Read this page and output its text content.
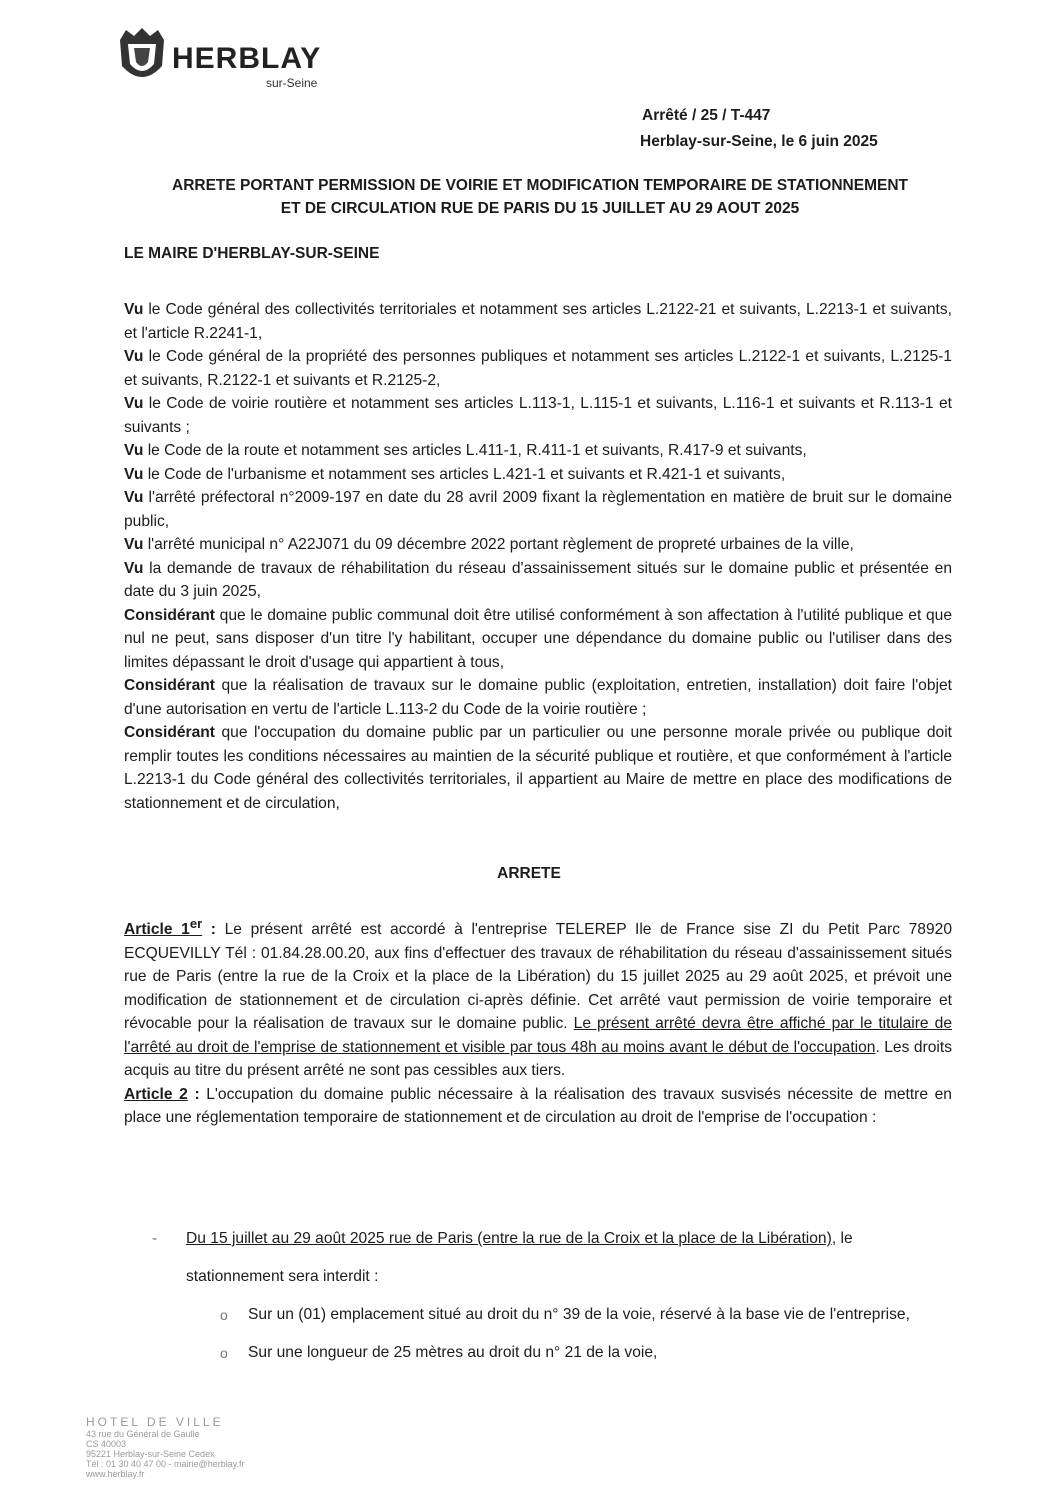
HERBLAY
sur-Seine
Arrêté / 25 / T-447
Herblay-sur-Seine, le 6 juin 2025
ARRETE PORTANT PERMISSION DE VOIRIE ET MODIFICATION TEMPORAIRE DE STATIONNEMENT
ET DE CIRCULATION RUE DE PARIS DU 15 JUILLET AU 29 AOUT 2025
LE MAIRE D'HERBLAY-SUR-SEINE

Vu le Code général des collectivités territoriales et notamment ses articles L.2122-21 et suivants, L.2213-1 et suivants, et l'article R.2241-1,

Vu le Code général de la propriété des personnes publiques et notamment ses articles L.2122-1 et suivants, L.2125-1 et suivants, R.2122-1 et suivants et R.2125-2,

Vu le Code de voirie routière et notamment ses articles L.113-1, L.115-1 et suivants, L.116-1 et suivants et R.113-1 et suivants ;

Vu le Code de la route et notamment ses articles L.411-1, R.411-1 et suivants, R.417-9 et suivants,

Vu le Code de l'urbanisme et notamment ses articles L.421-1 et suivants et R.421-1 et suivants,

Vu l'arrêté préfectoral n°2009-197 en date du 28 avril 2009 fixant la règlementation en matière de bruit sur le domaine public,

Vu l'arrêté municipal n° A22J071 du 09 décembre 2022 portant règlement de propreté urbaines de la ville,

Vu la demande de travaux de réhabilitation du réseau d'assainissement situés sur le domaine public et présentée en date du 3 juin 2025,

Considérant que le domaine public communal doit être utilisé conformément à son affectation à l'utilité publique et que nul ne peut, sans disposer d'un titre l'y habilitant, occuper une dépendance du domaine public ou l'utiliser dans des limites dépassant le droit d'usage qui appartient à tous,

Considérant que la réalisation de travaux sur le domaine public (exploitation, entretien, installation) doit faire l'objet d'une autorisation en vertu de l'article L.113-2 du Code de la voirie routière ;

Considérant que l'occupation du domaine public par un particulier ou une personne morale privée ou publique doit remplir toutes les conditions nécessaires au maintien de la sécurité publique et routière, et que conformément à l'article L.2213-1 du Code général des collectivités territoriales, il appartient au Maire de mettre en place des modifications de stationnement et de circulation,

ARRETE

Article 1er : Le présent arrêté est accordé à l'entreprise TELEREP Ile de France sise ZI du Petit Parc 78920 ECQUEVILLY Tél : 01.84.28.00.20, aux fins d'effectuer des travaux de réhabilitation du réseau d'assainissement situés rue de Paris (entre la rue de la Croix et la place de la Libération) du 15 juillet 2025 au 29 août 2025, et prévoit une modification de stationnement et de circulation ci-après définie. Cet arrêté vaut permission de voirie temporaire et révocable pour la réalisation de travaux sur le domaine public. Le présent arrêté devra être affiché par le titulaire de l'arrêté au droit de l'emprise de stationnement et visible par tous 48h au moins avant le début de l'occupation. Les droits acquis au titre du présent arrêté ne sont pas cessibles aux tiers.

Article 2 : L'occupation du domaine public nécessaire à la réalisation des travaux susvisés nécessite de mettre en place une réglementation temporaire de stationnement et de circulation au droit de l'emprise de l'occupation :

- Du 15 juillet au 29 août 2025 rue de Paris (entre la rue de la Croix et la place de la Libération), le stationnement sera interdit :
o Sur un (01) emplacement situé au droit du n° 39 de la voie, réservé à la base vie de l'entreprise,
o Sur une longueur de 25 mètres au droit du n° 21 de la voie,
HOTEL DE VILLE
43 rue du Général de Gaulle
CS 40003
95221 Herblay-sur-Seine Cedex
Tél : 01 30 40 47 00 - mairie@herblay.fr
www.herblay.fr
